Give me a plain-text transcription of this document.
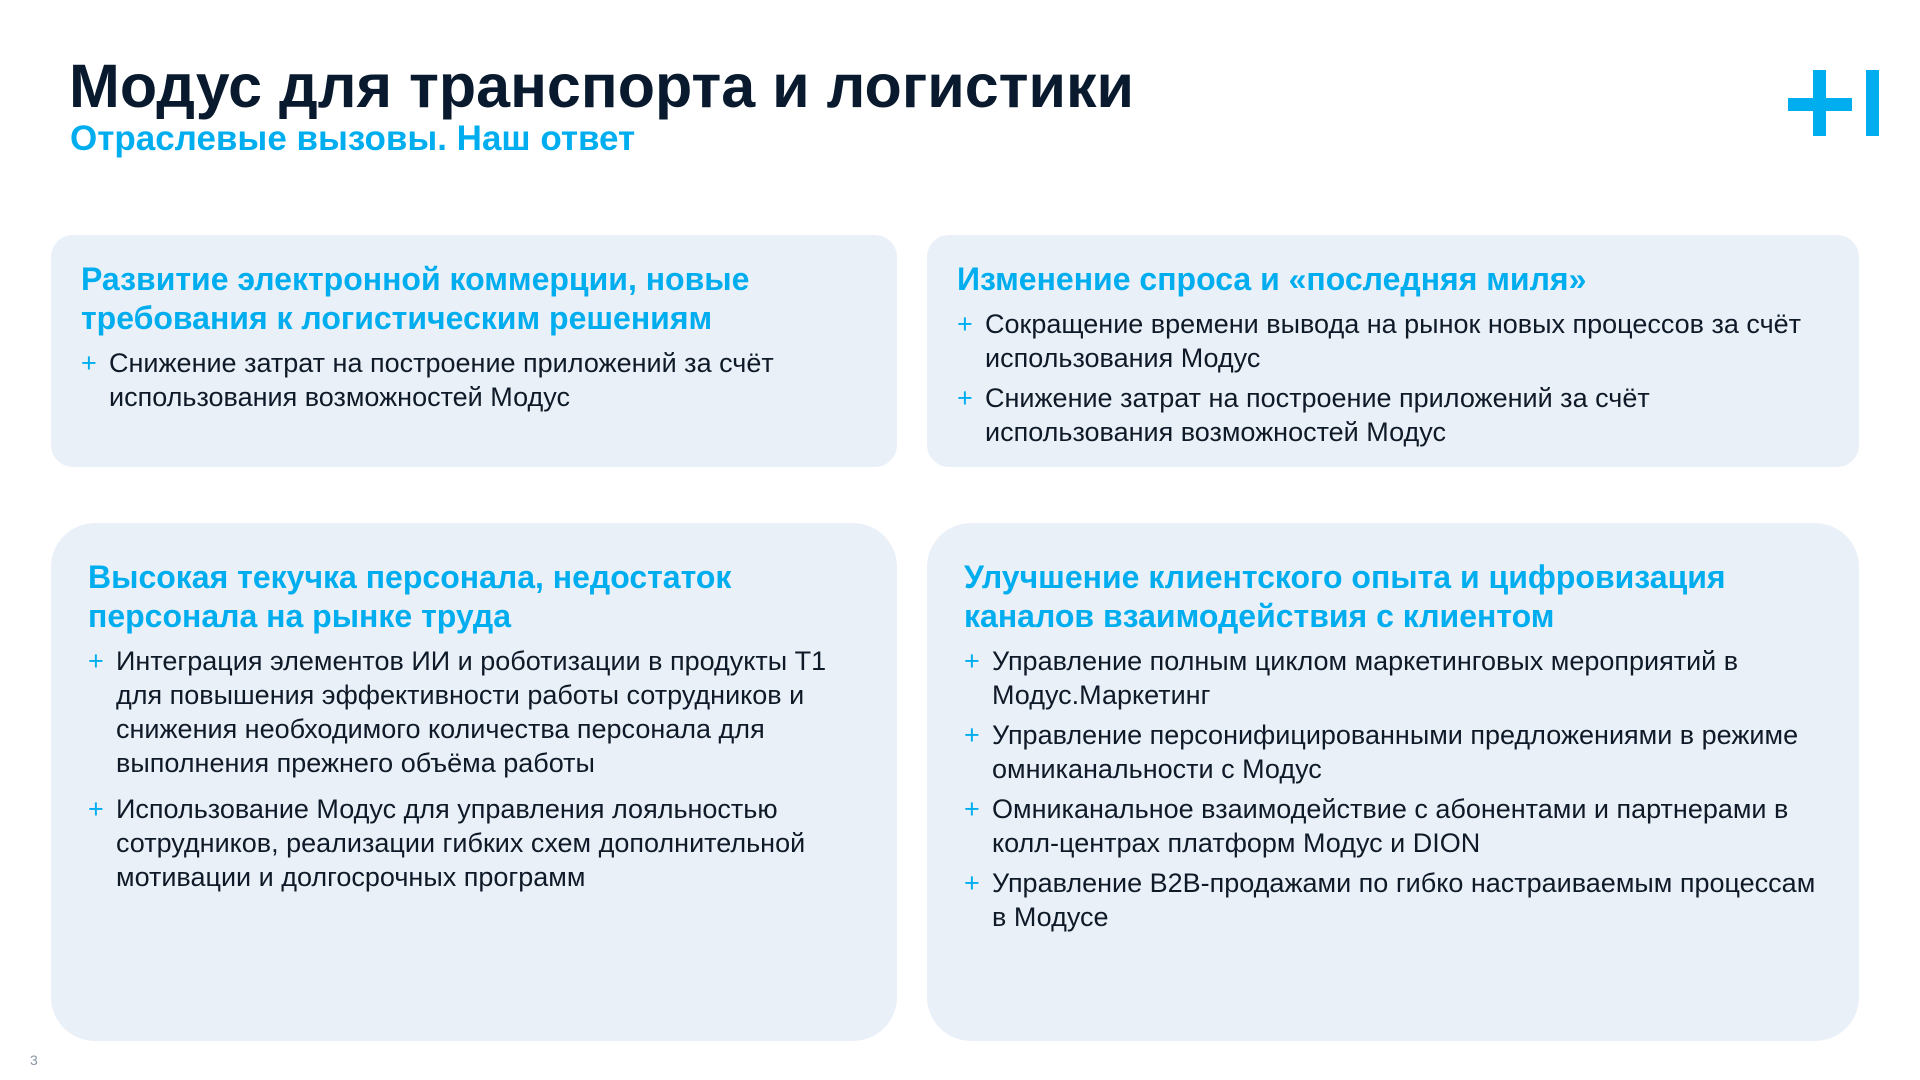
Модус для транспорта и логистики
Отраслевые вызовы. Наш ответ
Развитие электронной коммерции, новые требования к логистическим решениям
+ Снижение затрат на построение приложений за счёт использования возможностей Модус
Изменение спроса и «последняя миля»
+ Сокращение времени вывода на рынок новых процессов за счёт использования Модус
+ Снижение затрат на построение приложений за счёт использования возможностей Модус
Высокая текучка персонала, недостаток персонала на рынке труда
+ Интеграция элементов ИИ и роботизации в продукты Т1 для повышения эффективности работы сотрудников и снижения необходимого количества персонала для выполнения прежнего объёма работы
+ Использование Модус для управления лояльностью сотрудников, реализации гибких схем дополнительной мотивации и долгосрочных программ
Улучшение клиентского опыта и цифровизация каналов взаимодействия с клиентом
+ Управление полным циклом маркетинговых мероприятий в Модус.Маркетинг
+ Управление персонифицированными предложениями в режиме омниканальности с Модус
+ Омниканальное взаимодействие с абонентами и партнерами в колл-центрах платформ Модус и DION
+ Управление B2B-продажами по гибко настраиваемым процессам в Модусе
3
